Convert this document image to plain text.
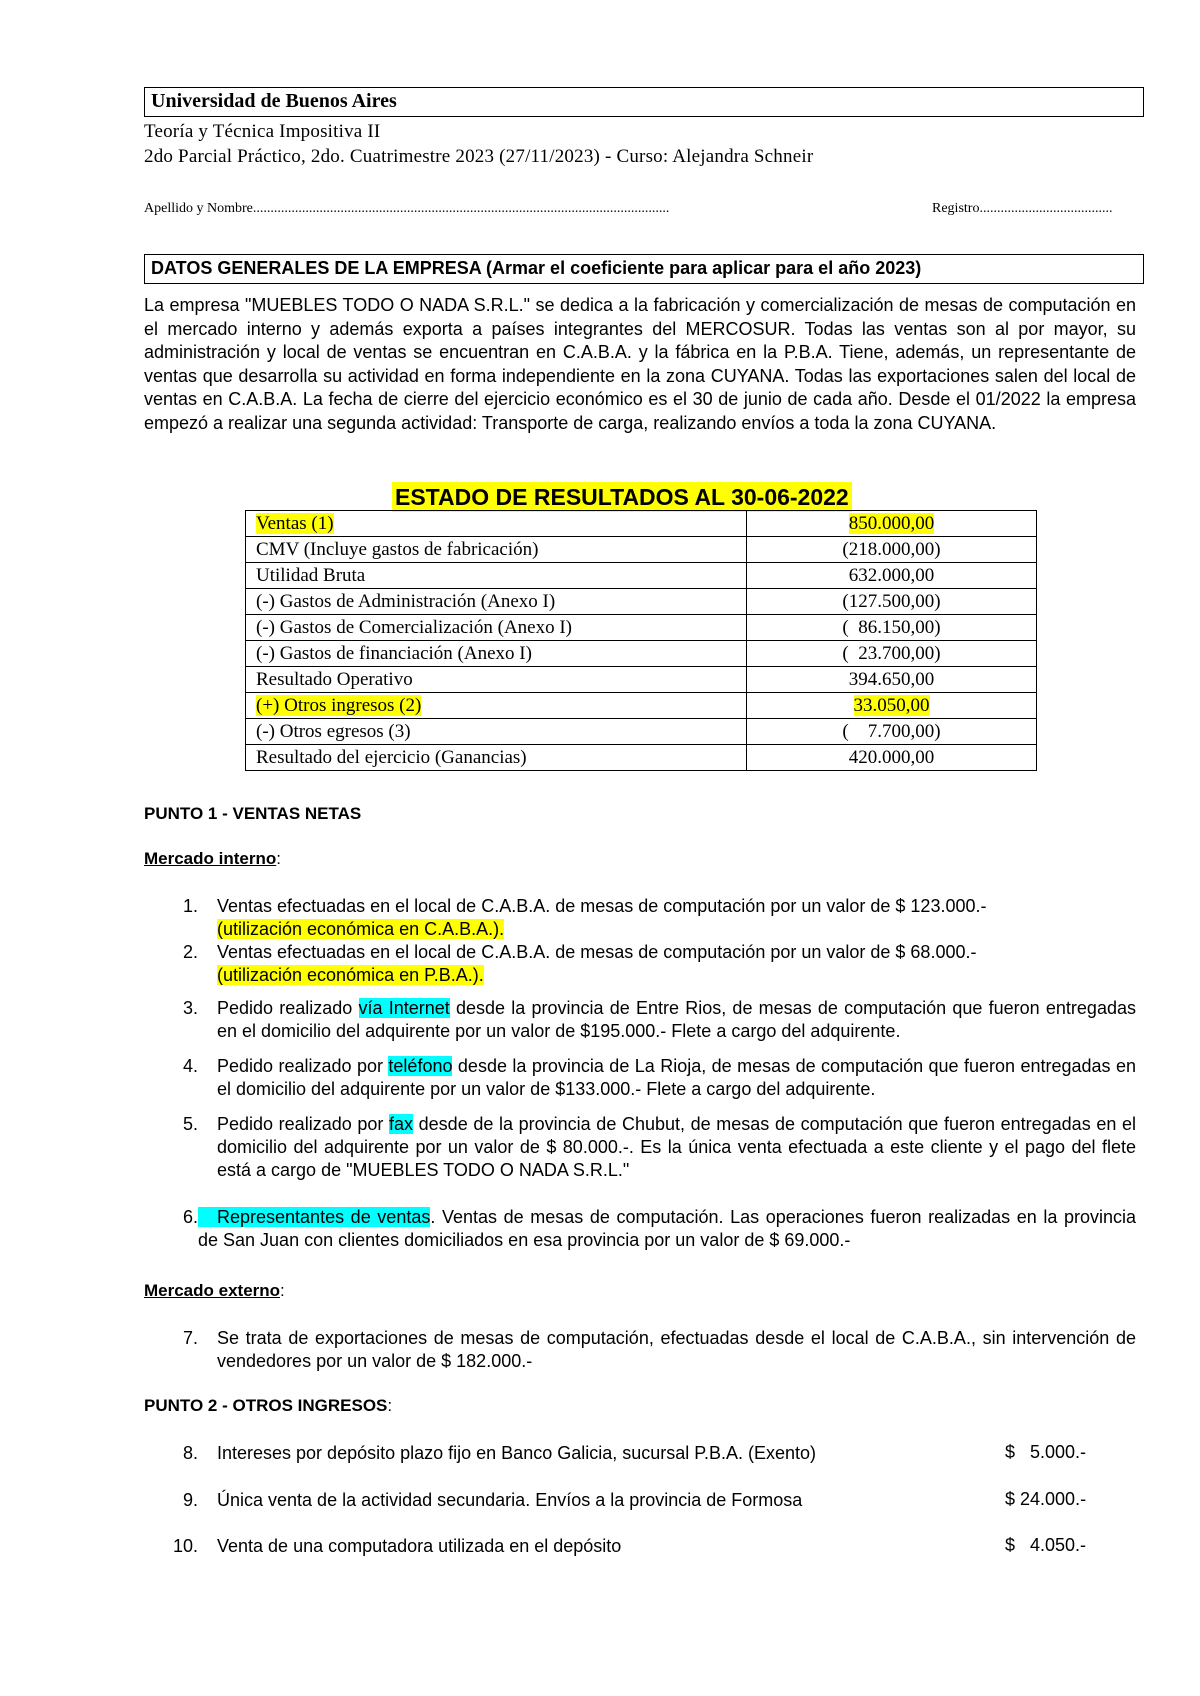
Universidad de Buenos Aires
Teoría y Técnica Impositiva II
2do Parcial Práctico, 2do. Cuatrimestre 2023 (27/11/2023) - Curso: Alejandra Schneir
Apellido y Nombre.......................................................................................................................	Registro......................................
DATOS GENERALES DE LA EMPRESA (Armar el coeficiente para aplicar para el año 2023)
La empresa "MUEBLES TODO O NADA S.R.L." se dedica a la fabricación y comercialización de mesas de computación en el mercado interno y además exporta a países integrantes del MERCOSUR. Todas las ventas son al por mayor, su administración y local de ventas se encuentran en C.A.B.A. y la fábrica en la P.B.A. Tiene, además, un representante de ventas que desarrolla su actividad en forma independiente en la zona CUYANA. Todas las exportaciones salen del local de ventas en C.A.B.A. La fecha de cierre del ejercicio económico es el 30 de junio de cada año. Desde el 01/2022 la empresa empezó a realizar una segunda actividad: Transporte de carga, realizando envíos a toda la zona CUYANA.
ESTADO DE RESULTADOS AL 30-06-2022
Ventas (1)	850.000,00
CMV (Incluye gastos de fabricación)	(218.000,00)
Utilidad Bruta	632.000,00
(-) Gastos de Administración (Anexo I)	(127.500,00)
(-) Gastos de Comercialización (Anexo I)	(  86.150,00)
(-) Gastos de financiación (Anexo I)	(  23.700,00)
Resultado Operativo	394.650,00
(+) Otros ingresos (2)	33.050,00
(-) Otros egresos (3)	(    7.700,00)
Resultado del ejercicio (Ganancias)	420.000,00
PUNTO 1 - VENTAS NETAS
Mercado interno:
1. Ventas efectuadas en el local de C.A.B.A. de mesas de computación por un valor de $ 123.000.-
(utilización económica en C.A.B.A.).
2. Ventas efectuadas en el local de C.A.B.A. de mesas de computación por un valor de $ 68.000.-
(utilización económica en P.B.A.).
3. Pedido realizado vía Internet desde la provincia de Entre Rios, de mesas de computación que fueron entregadas en el domicilio del adquirente por un valor de $195.000.- Flete a cargo del adquirente.
4. Pedido realizado por teléfono desde la provincia de La Rioja, de mesas de computación que fueron entregadas en el domicilio del adquirente por un valor de $133.000.- Flete a cargo del adquirente.
5. Pedido realizado por fax desde de la provincia de Chubut, de mesas de computación que fueron entregadas en el domicilio del adquirente por un valor de $ 80.000.-. Es la única venta efectuada a este cliente y el pago del flete está a cargo de "MUEBLES TODO O NADA S.R.L."
6.	Representantes de ventas. Ventas de mesas de computación. Las operaciones fueron realizadas en la provincia de San Juan con clientes domiciliados en esa provincia por un valor de $ 69.000.-
Mercado externo:
7. Se trata de exportaciones de mesas de computación, efectuadas desde el local de C.A.B.A., sin intervención de vendedores por un valor de $ 182.000.-
PUNTO 2 - OTROS INGRESOS:
8. Intereses por depósito plazo fijo en Banco Galicia, sucursal P.B.A. (Exento)	$   5.000.-
9. Única venta de la actividad secundaria. Envíos a la provincia de Formosa	$ 24.000.-
10. Venta de una computadora utilizada en el depósito	$   4.050.-
